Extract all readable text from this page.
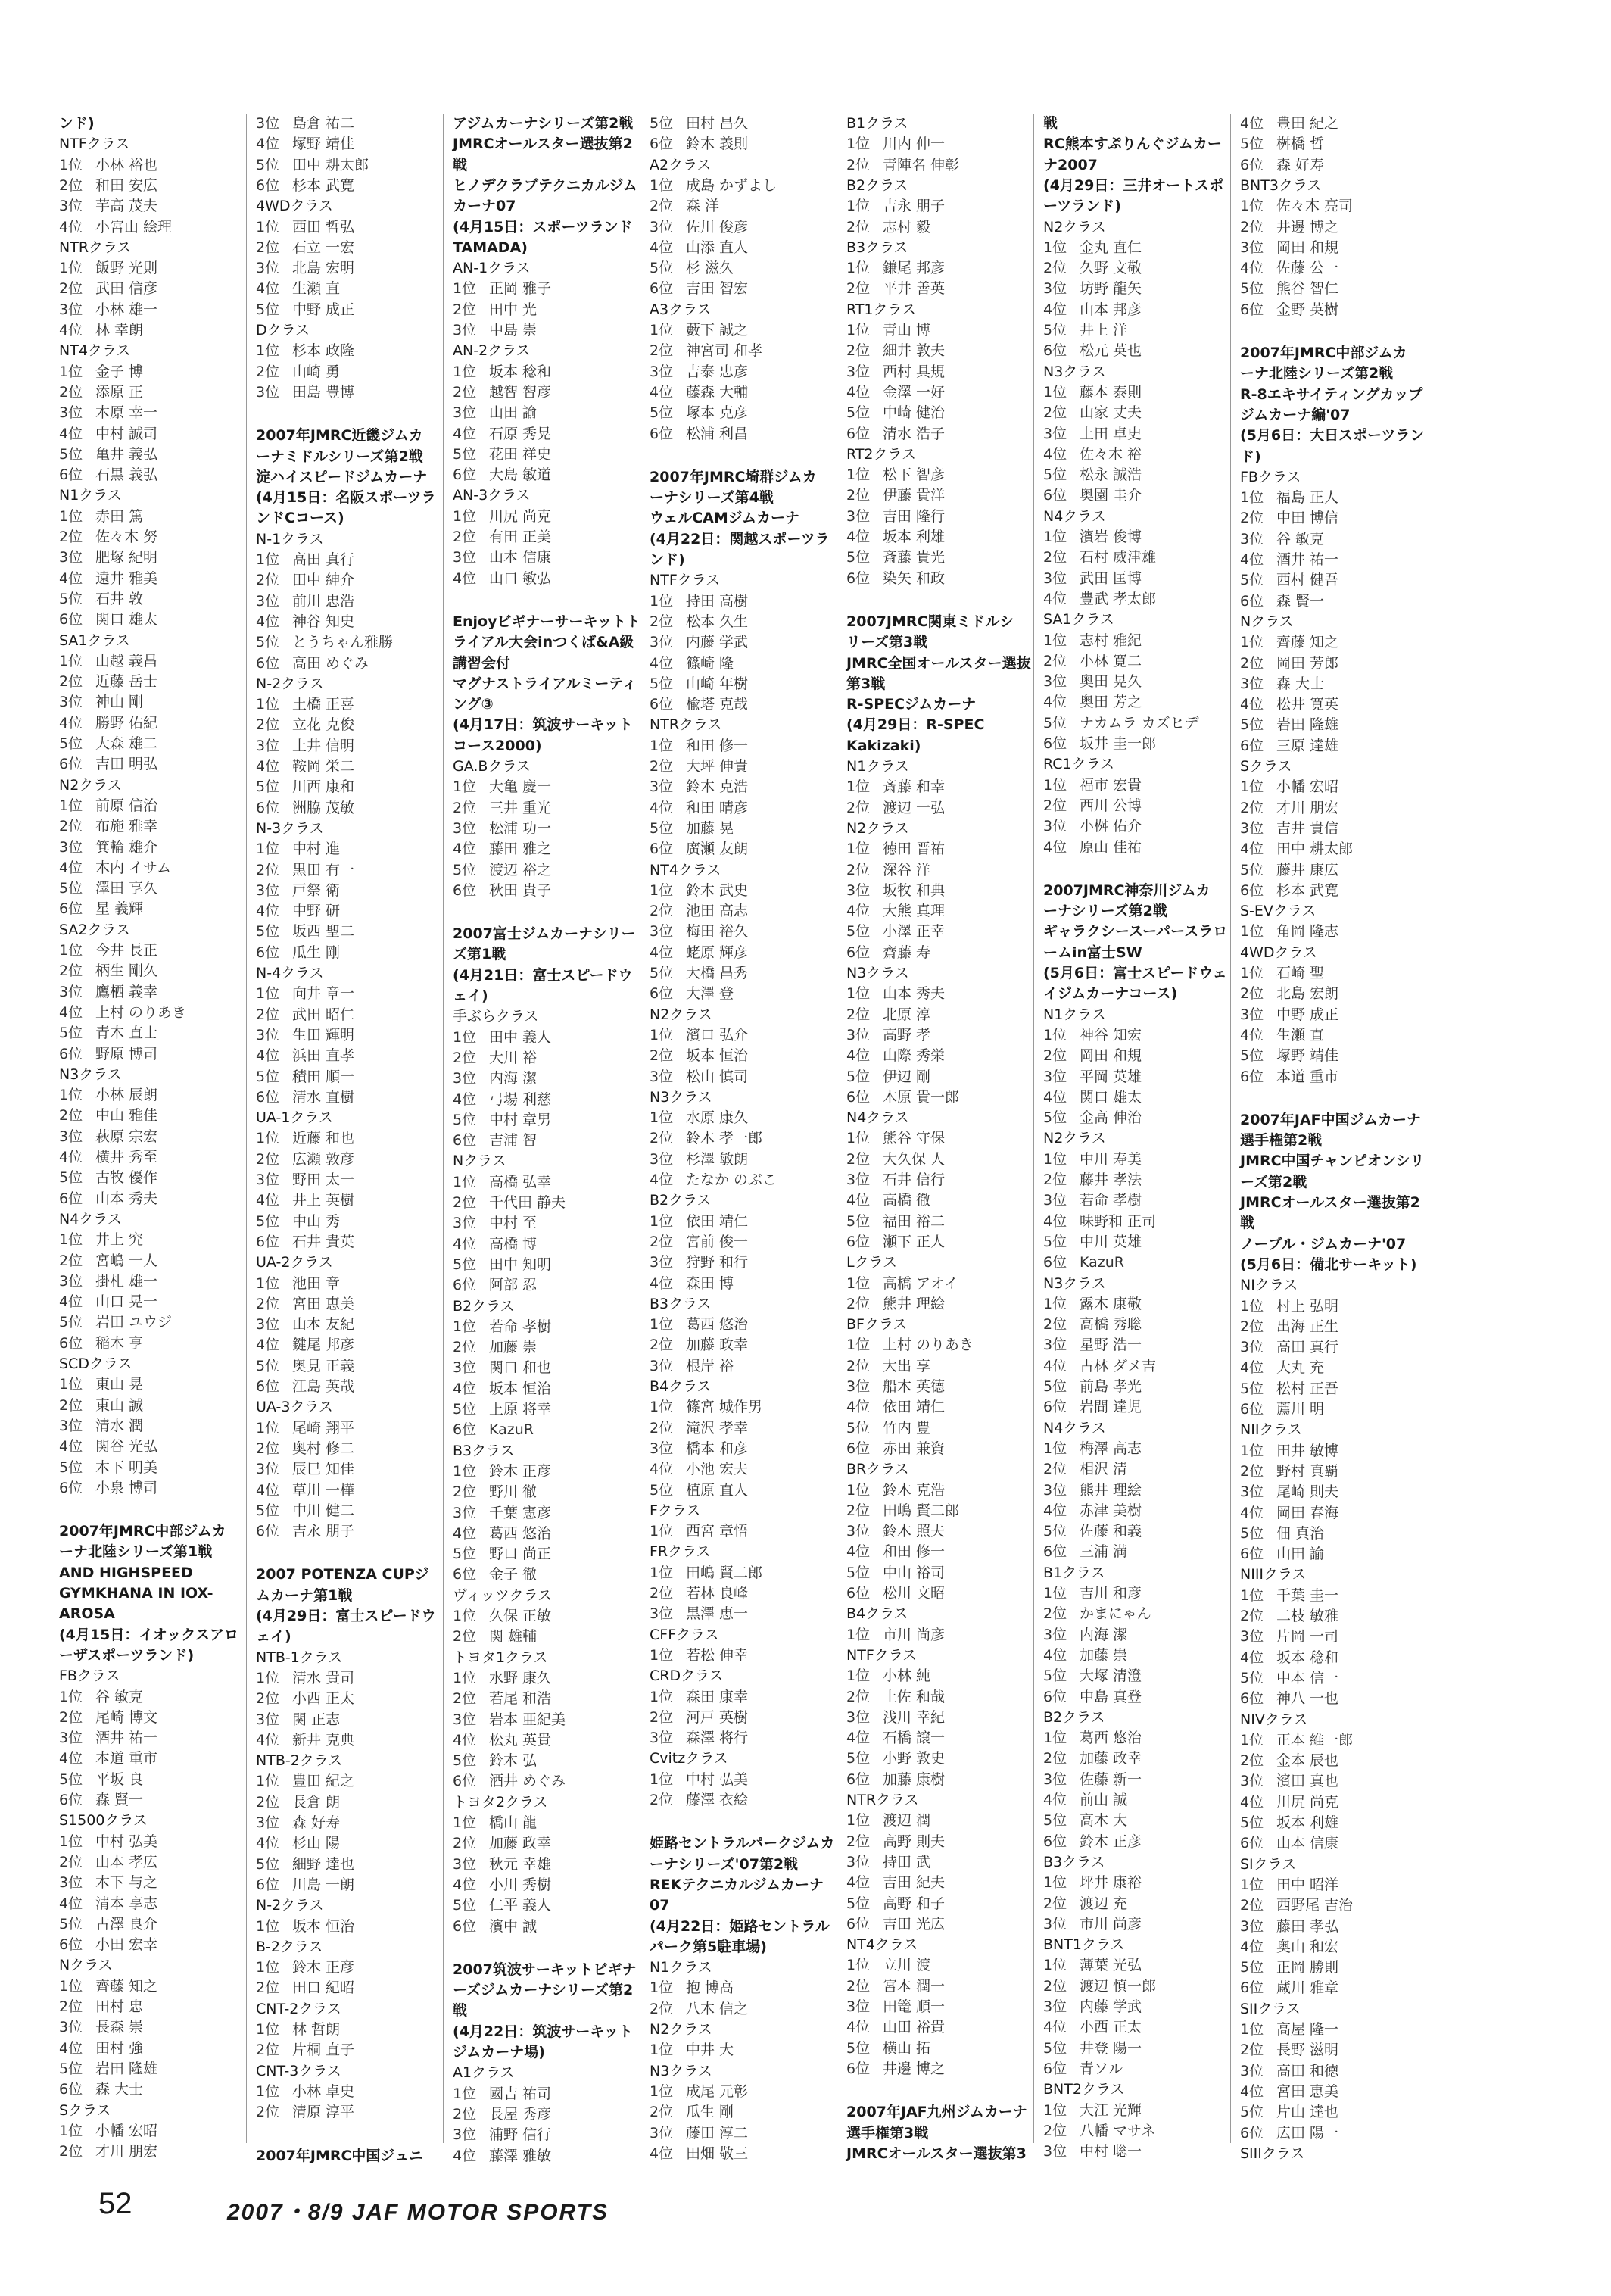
ンド)
NTFクラス
1位 小林 裕也
2位 和田 安広
3位 芋高 茂夫
4位 小宮山 絵理
NTRクラス
1位 飯野 光則
2位 武田 信彦
3位 小林 雄一
4位 林 幸朗
NT4クラス
1位 金子 博
2位 添原 正
3位 木原 幸一
4位 中村 誠司
5位 亀井 義弘
6位 石黒 義弘
N1クラス
1位 赤田 篤
2位 佐々木 努
3位 肥塚 紀明
4位 遠井 雅美
5位 石井 敦
6位 関口 雄太
SA1クラス
1位 山越 義昌
2位 近藤 岳士
3位 神山 剛
4位 勝野 佑紀
5位 大森 雄二
6位 吉田 明弘
N2クラス
1位 前原 信治
2位 布施 雅幸
3位 箕輪 雄介
4位 木内 イサム
5位 澤田 享久
6位 星 義輝
SA2クラス
1位 今井 長正
2位 柄生 剛久
3位 鷹栖 義幸
4位 上村 のりあき
5位 青木 直士
6位 野原 博司
N3クラス
1位 小林 辰朗
2位 中山 雅佳
3位 萩原 宗宏
4位 横井 秀至
5位 古牧 優作
6位 山本 秀夫
N4クラス
1位 井上 究
2位 宮嶋 一人
3位 掛札 雄一
4位 山口 晃一
5位 岩田 ユウジ
6位 稲木 亨
SCDクラス
1位 東山 晃
2位 東山 誠
3位 清水 潤
4位 関谷 光弘
5位 木下 明美
6位 小泉 博司
2007年JMRC中部ジムカ
ーナ北陸シリーズ第1戦
AND HIGHSPEED
GYMKHANA IN IOX-
AROSA
(4月15日：イオックスアロ
ーザスポーツランド)
FBクラス
1位 谷 敏克
2位 尾崎 博文
3位 酒井 祐一
4位 本道 重市
5位 平坂 良
6位 森 賢一
S1500クラス
1位 中村 弘美
2位 山本 孝広
3位 木下 与之
4位 清本 享志
5位 古澤 良介
6位 小田 宏幸
Nクラス
1位 齊藤 知之
2位 田村 忠
3位 長森 崇
4位 田村 強
5位 岩田 隆雄
6位 森 大士
Sクラス
1位 小幡 宏昭
2位 才川 朋宏
3位 島倉 祐二
4位 塚野 靖佳
5位 田中 耕太郎
6位 杉本 武寛
4WDクラス
1位 西田 哲弘
2位 石立 一宏
3位 北島 宏明
4位 生瀬 直
5位 中野 成正
Dクラス
1位 杉本 政隆
2位 山崎 勇
3位 田島 豊博
2007年JMRC近畿ジムカ
ーナミドルシリーズ第2戦
淀ハイスピードジムカーナ
(4月15日：名阪スポーツラ
ンドCコース)
N-1クラス
1位 高田 真行
2位 田中 紳介
3位 前川 忠浩
4位 神谷 知史
5位 とうちゃん雅勝
6位 高田 めぐみ
N-2クラス
1位 土橋 正喜
2位 立花 克俊
3位 土井 信明
4位 鞍岡 栄二
5位 川西 康和
6位 洲脇 茂敏
N-3クラス
1位 中村 進
2位 黒田 有一
3位 戸祭 衛
4位 中野 研
5位 坂西 聖二
6位 瓜生 剛
N-4クラス
1位 向井 章一
2位 武田 昭仁
3位 生田 輝明
4位 浜田 直孝
5位 積田 順一
6位 清水 直樹
UA-1クラス
1位 近藤 和也
2位 広瀬 敦彦
3位 野田 太一
4位 井上 英樹
5位 中山 秀
6位 石井 貴英
UA-2クラス
1位 池田 章
2位 宮田 恵美
3位 山本 友紀
4位 鍵尾 邦彦
5位 奥見 正義
6位 江島 英哉
UA-3クラス
1位 尾崎 翔平
2位 奥村 修二
3位 辰巳 知佳
4位 草川 一樺
5位 中川 健二
6位 吉永 朋子
2007 POTENZA CUPジ
ムカーナ第1戦
(4月29日：富士スピードウ
ェイ)
NTB-1クラス
1位 清水 貴司
2位 小西 正太
3位 関 正志
4位 新井 克典
NTB-2クラス
1位 豊田 紀之
2位 長倉 朗
3位 森 好寿
4位 杉山 陽
5位 細野 達也
6位 川島 一朗
N-2クラス
1位 坂本 恒治
B-2クラス
1位 鈴木 正彦
2位 田口 紀昭
CNT-2クラス
1位 林 哲朗
2位 片桐 直子
CNT-3クラス
1位 小林 卓史
2位 清原 淳平
2007年JMRC中国ジュニ
アジムカーナシリーズ第2戦
JMRCオールスター選抜第2
戦
ヒノデクラブテクニカルジム
カーナ07
(4月15日：スポーツランド
TAMADA)
AN-1クラス
1位 正岡 雅子
2位 田中 光
3位 中島 崇
AN-2クラス
1位 坂本 稔和
2位 越智 智彦
3位 山田 諭
4位 石原 秀晃
5位 花田 祥史
6位 大島 敏道
AN-3クラス
1位 川尻 尚克
2位 有田 正美
3位 山本 信康
4位 山口 敏弘
Enjoyビギナーサーキットト
ライアル大会inつくば&A級
講習会付
マグナストライアルミーティ
ング③
(4月17日：筑波サーキット
コース2000)
GA.Bクラス
1位 大亀 慶一
2位 三井 重光
3位 松浦 功一
4位 藤田 雅之
5位 渡辺 裕之
6位 秋田 貴子
2007富士ジムカーナシリー
ズ第1戦
(4月21日：富士スピードウ
ェイ)
手ぶらクラス
1位 田中 義人
2位 大川 裕
3位 内海 潔
4位 弓場 利慈
5位 中村 章男
6位 吉浦 智
Nクラス
1位 高橋 弘幸
2位 千代田 静夫
3位 中村 至
4位 高橋 博
5位 田中 知明
6位 阿部 忍
B2クラス
1位 若命 孝樹
2位 加藤 崇
3位 関口 和也
4位 坂本 恒治
5位 上原 将幸
6位 KazuR
B3クラス
1位 鈴木 正彦
2位 野川 徹
3位 千葉 憲彦
4位 葛西 悠治
5位 野口 尚正
6位 金子 徹
ヴィッツクラス
1位 久保 正敏
2位 関 雄輔
トヨタ1クラス
1位 水野 康久
2位 若尾 和浩
3位 岩本 亜紀美
4位 松丸 英貴
5位 鈴木 弘
6位 酒井 めぐみ
トヨタ2クラス
1位 橋山 龍
2位 加藤 政幸
3位 秋元 幸雄
4位 小川 秀樹
5位 仁平 義人
6位 濱中 誠
2007筑波サーキットビギナ
ーズジムカーナシリーズ第2
戦
(4月22日：筑波サーキット
ジムカーナ場)
A1クラス
1位 國吉 祐司
2位 長屋 秀彦
3位 浦野 信行
4位 藤澤 雅敏
5位 田村 昌久
6位 鈴木 義則
A2クラス
1位 成島 かずよし
2位 森 洋
3位 佐川 俊彦
4位 山添 直人
5位 杉 滋久
6位 吉田 智宏
A3クラス
1位 藪下 誠之
2位 神宮司 和孝
3位 吉泰 忠彦
4位 藤森 大輔
5位 塚本 克彦
6位 松浦 利昌
2007年JMRC埼群ジムカ
ーナシリーズ第4戦
ウェルCAMジムカーナ
(4月22日：関越スポーツラ
ンド)
NTFクラス
1位 持田 高樹
2位 松本 久生
3位 内藤 学武
4位 篠崎 隆
5位 山崎 年樹
6位 楡塔 克哉
NTRクラス
1位 和田 修一
2位 大坪 伸貴
3位 鈴木 克浩
4位 和田 晴彦
5位 加藤 晃
6位 廣瀬 友朗
NT4クラス
1位 鈴木 武史
2位 池田 高志
3位 梅田 裕久
4位 蛯原 輝彦
5位 大橋 昌秀
6位 大澤 登
N2クラス
1位 濱口 弘介
2位 坂本 恒治
3位 松山 慎司
N3クラス
1位 水原 康久
2位 鈴木 孝一郎
3位 杉澤 敏朗
4位 たなか のぶこ
B2クラス
1位 依田 靖仁
2位 宮前 俊一
3位 狩野 和行
4位 森田 博
B3クラス
1位 葛西 悠治
2位 加藤 政幸
3位 根岸 裕
B4クラス
1位 篠宮 城作男
2位 滝沢 孝幸
3位 橋本 和彦
4位 小池 宏夫
5位 植原 直人
Fクラス
1位 西宮 章悟
FRクラス
1位 田嶋 賢二郎
2位 若林 良峰
3位 黒澤 恵一
CFFクラス
1位 若松 伸幸
CRDクラス
1位 森田 康幸
2位 河戸 英樹
3位 森澤 将行
Cvitzクラス
1位 中村 弘美
2位 藤澤 衣絵
姫路セントラルパークジムカ
ーナシリーズ'07第2戦
REKテクニカルジムカーナ
07
(4月22日：姫路セントラル
パーク第5駐車場)
N1クラス
1位 抱 博高
2位 八木 信之
N2クラス
1位 中井 大
N3クラス
1位 成尾 元彰
2位 瓜生 剛
3位 藤田 淳二
4位 田畑 敬三
B1クラス
1位 川内 伸一
2位 青陣名 伸彰
B2クラス
1位 吉永 朋子
2位 志村 毅
B3クラス
1位 鎌尾 邦彦
2位 平井 善英
RT1クラス
1位 青山 博
2位 細井 敦夫
3位 西村 具規
4位 金澤 一好
5位 中崎 健治
6位 清水 浩子
RT2クラス
1位 松下 智彦
2位 伊藤 貴洋
3位 吉田 隆行
4位 坂本 利雄
5位 斎藤 貴光
6位 染矢 和政
2007JMRC関東ミドルシ
リーズ第3戦
JMRC全国オールスター選抜
第3戦
R-SPECジムカーナ
(4月29日：R-SPEC
Kakizaki)
N1クラス
1位 斎藤 和幸
2位 渡辺 一弘
N2クラス
1位 徳田 晋祐
2位 深谷 洋
3位 坂牧 和典
4位 大熊 真理
5位 小澤 正幸
6位 齋藤 寿
N3クラス
1位 山本 秀夫
2位 北原 淳
3位 高野 孝
4位 山際 秀栄
5位 伊辺 剛
6位 木原 貴一郎
N4クラス
1位 熊谷 守保
2位 大久保 人
3位 石井 信行
4位 高橋 徹
5位 福田 裕二
6位 瀬下 正人
Lクラス
1位 高橋 アオイ
2位 熊井 理絵
BFクラス
1位 上村 のりあき
2位 大出 享
3位 船木 英德
4位 依田 靖仁
5位 竹内 豊
6位 赤田 兼資
BRクラス
1位 鈴木 克浩
2位 田嶋 賢二郎
3位 鈴木 照夫
4位 和田 修一
5位 中山 裕司
6位 松川 文昭
B4クラス
1位 市川 尚彦
NTFクラス
1位 小林 純
2位 土佐 和哉
3位 浅川 幸紀
4位 石橋 譲一
5位 小野 敦史
6位 加藤 康樹
NTRクラス
1位 渡辺 潤
2位 高野 則夫
3位 持田 武
4位 吉田 紀夫
5位 高野 和子
6位 吉田 光広
NT4クラス
1位 立川 渡
2位 宮本 潤一
3位 田篭 順一
4位 山田 裕貴
5位 横山 拓
6位 井邊 博之
2007年JAF九州ジムカーナ
選手権第3戦
JMRCオールスター選抜第3
戦
RC熊本すぷりんぐジムカー
ナ2007
(4月29日：三井オートスポ
ーツランド)
N2クラス
1位 金丸 直仁
2位 久野 文敬
3位 坊野 龍矢
4位 山本 邦彦
5位 井上 洋
6位 松元 英也
N3クラス
1位 藤本 泰則
2位 山家 丈夫
3位 上田 卓史
4位 佐々木 裕
5位 松永 誠浩
6位 奥園 圭介
N4クラス
1位 濱岩 俊博
2位 石村 威津雄
3位 武田 匡博
4位 豊武 孝太郎
SA1クラス
1位 志村 雅紀
2位 小林 寛二
3位 奥田 晃久
4位 奥田 芳之
5位 ナカムラ カズヒデ
6位 坂井 圭一郎
RC1クラス
1位 福市 宏貴
2位 西川 公博
3位 小桝 佑介
4位 原山 佳祐
2007JMRC神奈川ジムカ
ーナシリーズ第2戦
ギャラクシースーパースラロ
ームin富士SW
(5月6日：富士スピードウェ
イジムカーナコース)
N1クラス
1位 神谷 知宏
2位 岡田 和規
3位 平岡 英雄
4位 関口 雄太
5位 金高 伸治
N2クラス
1位 中川 寿美
2位 藤井 孝法
3位 若命 孝樹
4位 味野和 正司
5位 中川 英雄
6位 KazuR
N3クラス
1位 露木 康敬
2位 高橋 秀聡
3位 星野 浩一
4位 古林 ダメ吉
5位 前島 孝光
6位 岩間 達児
N4クラス
1位 梅澤 高志
2位 相沢 清
3位 熊井 理絵
4位 赤津 美樹
5位 佐藤 和義
6位 三浦 満
B1クラス
1位 吉川 和彦
2位 かまにゃん
3位 内海 潔
4位 加藤 崇
5位 大塚 清澄
6位 中島 真登
B2クラス
1位 葛西 悠治
2位 加藤 政幸
3位 佐藤 新一
4位 前山 誠
5位 高木 大
6位 鈴木 正彦
B3クラス
1位 坪井 康裕
2位 渡辺 充
3位 市川 尚彦
BNT1クラス
1位 薄葉 光弘
2位 渡辺 慎一郎
3位 内藤 学武
4位 小西 正太
5位 井登 陽一
6位 青ソル
BNT2クラス
1位 大江 光輝
2位 八幡 マサネ
3位 中村 聡一
4位 豊田 紀之
5位 桝橋 哲
6位 森 好寿
BNT3クラス
1位 佐々木 亮司
2位 井邊 博之
3位 岡田 和規
4位 佐藤 公一
5位 熊谷 智仁
6位 金野 英樹
2007年JMRC中部ジムカ
ーナ北陸シリーズ第2戦
R-8エキサイティングカップ
ジムカーナ編'07
(5月6日：大日スポーツラン
ド)
FBクラス
1位 福島 正人
2位 中田 博信
3位 谷 敏克
4位 酒井 祐一
5位 西村 健吾
6位 森 賢一
Nクラス
1位 齊藤 知之
2位 岡田 芳郎
3位 森 大士
4位 松井 寛英
5位 岩田 隆雄
6位 三原 達雄
Sクラス
1位 小幡 宏昭
2位 才川 朋宏
3位 吉井 貴信
4位 田中 耕太郎
5位 藤井 康広
6位 杉本 武寛
S-EVクラス
1位 角岡 隆志
4WDクラス
1位 石崎 聖
2位 北島 宏朗
3位 中野 成正
4位 生瀬 直
5位 塚野 靖佳
6位 本道 重市
2007年JAF中国ジムカーナ
選手権第2戦
JMRC中国チャンピオンシリ
ーズ第2戦
JMRCオールスター選抜第2
戦
ノーブル・ジムカーナ'07
(5月6日：備北サーキット)
NIクラス
1位 村上 弘明
2位 出海 正生
3位 高田 真行
4位 大丸 充
5位 松村 正吾
6位 薦川 明
NIIクラス
1位 田井 敏博
2位 野村 真覇
3位 尾崎 則夫
4位 岡田 春海
5位 佃 真治
6位 山田 諭
NIIIクラス
1位 千葉 圭一
2位 二枝 敏雅
3位 片岡 一司
4位 坂本 稔和
5位 中本 信一
6位 神八 一也
NIVクラス
1位 正本 維一郎
2位 金本 辰也
3位 濱田 真也
4位 川尻 尚克
5位 坂本 利雄
6位 山本 信康
SIクラス
1位 田中 昭洋
2位 西野尾 吉治
3位 藤田 孝弘
4位 奥山 和宏
5位 正岡 勝則
6位 蔵川 雅章
SIIクラス
1位 高屋 隆一
2位 長野 滋明
3位 高田 和徳
4位 宮田 恵美
5位 片山 達也
6位 広田 陽一
SIIIクラス
52	2007・8/9 JAF MOTOR SPORTS
